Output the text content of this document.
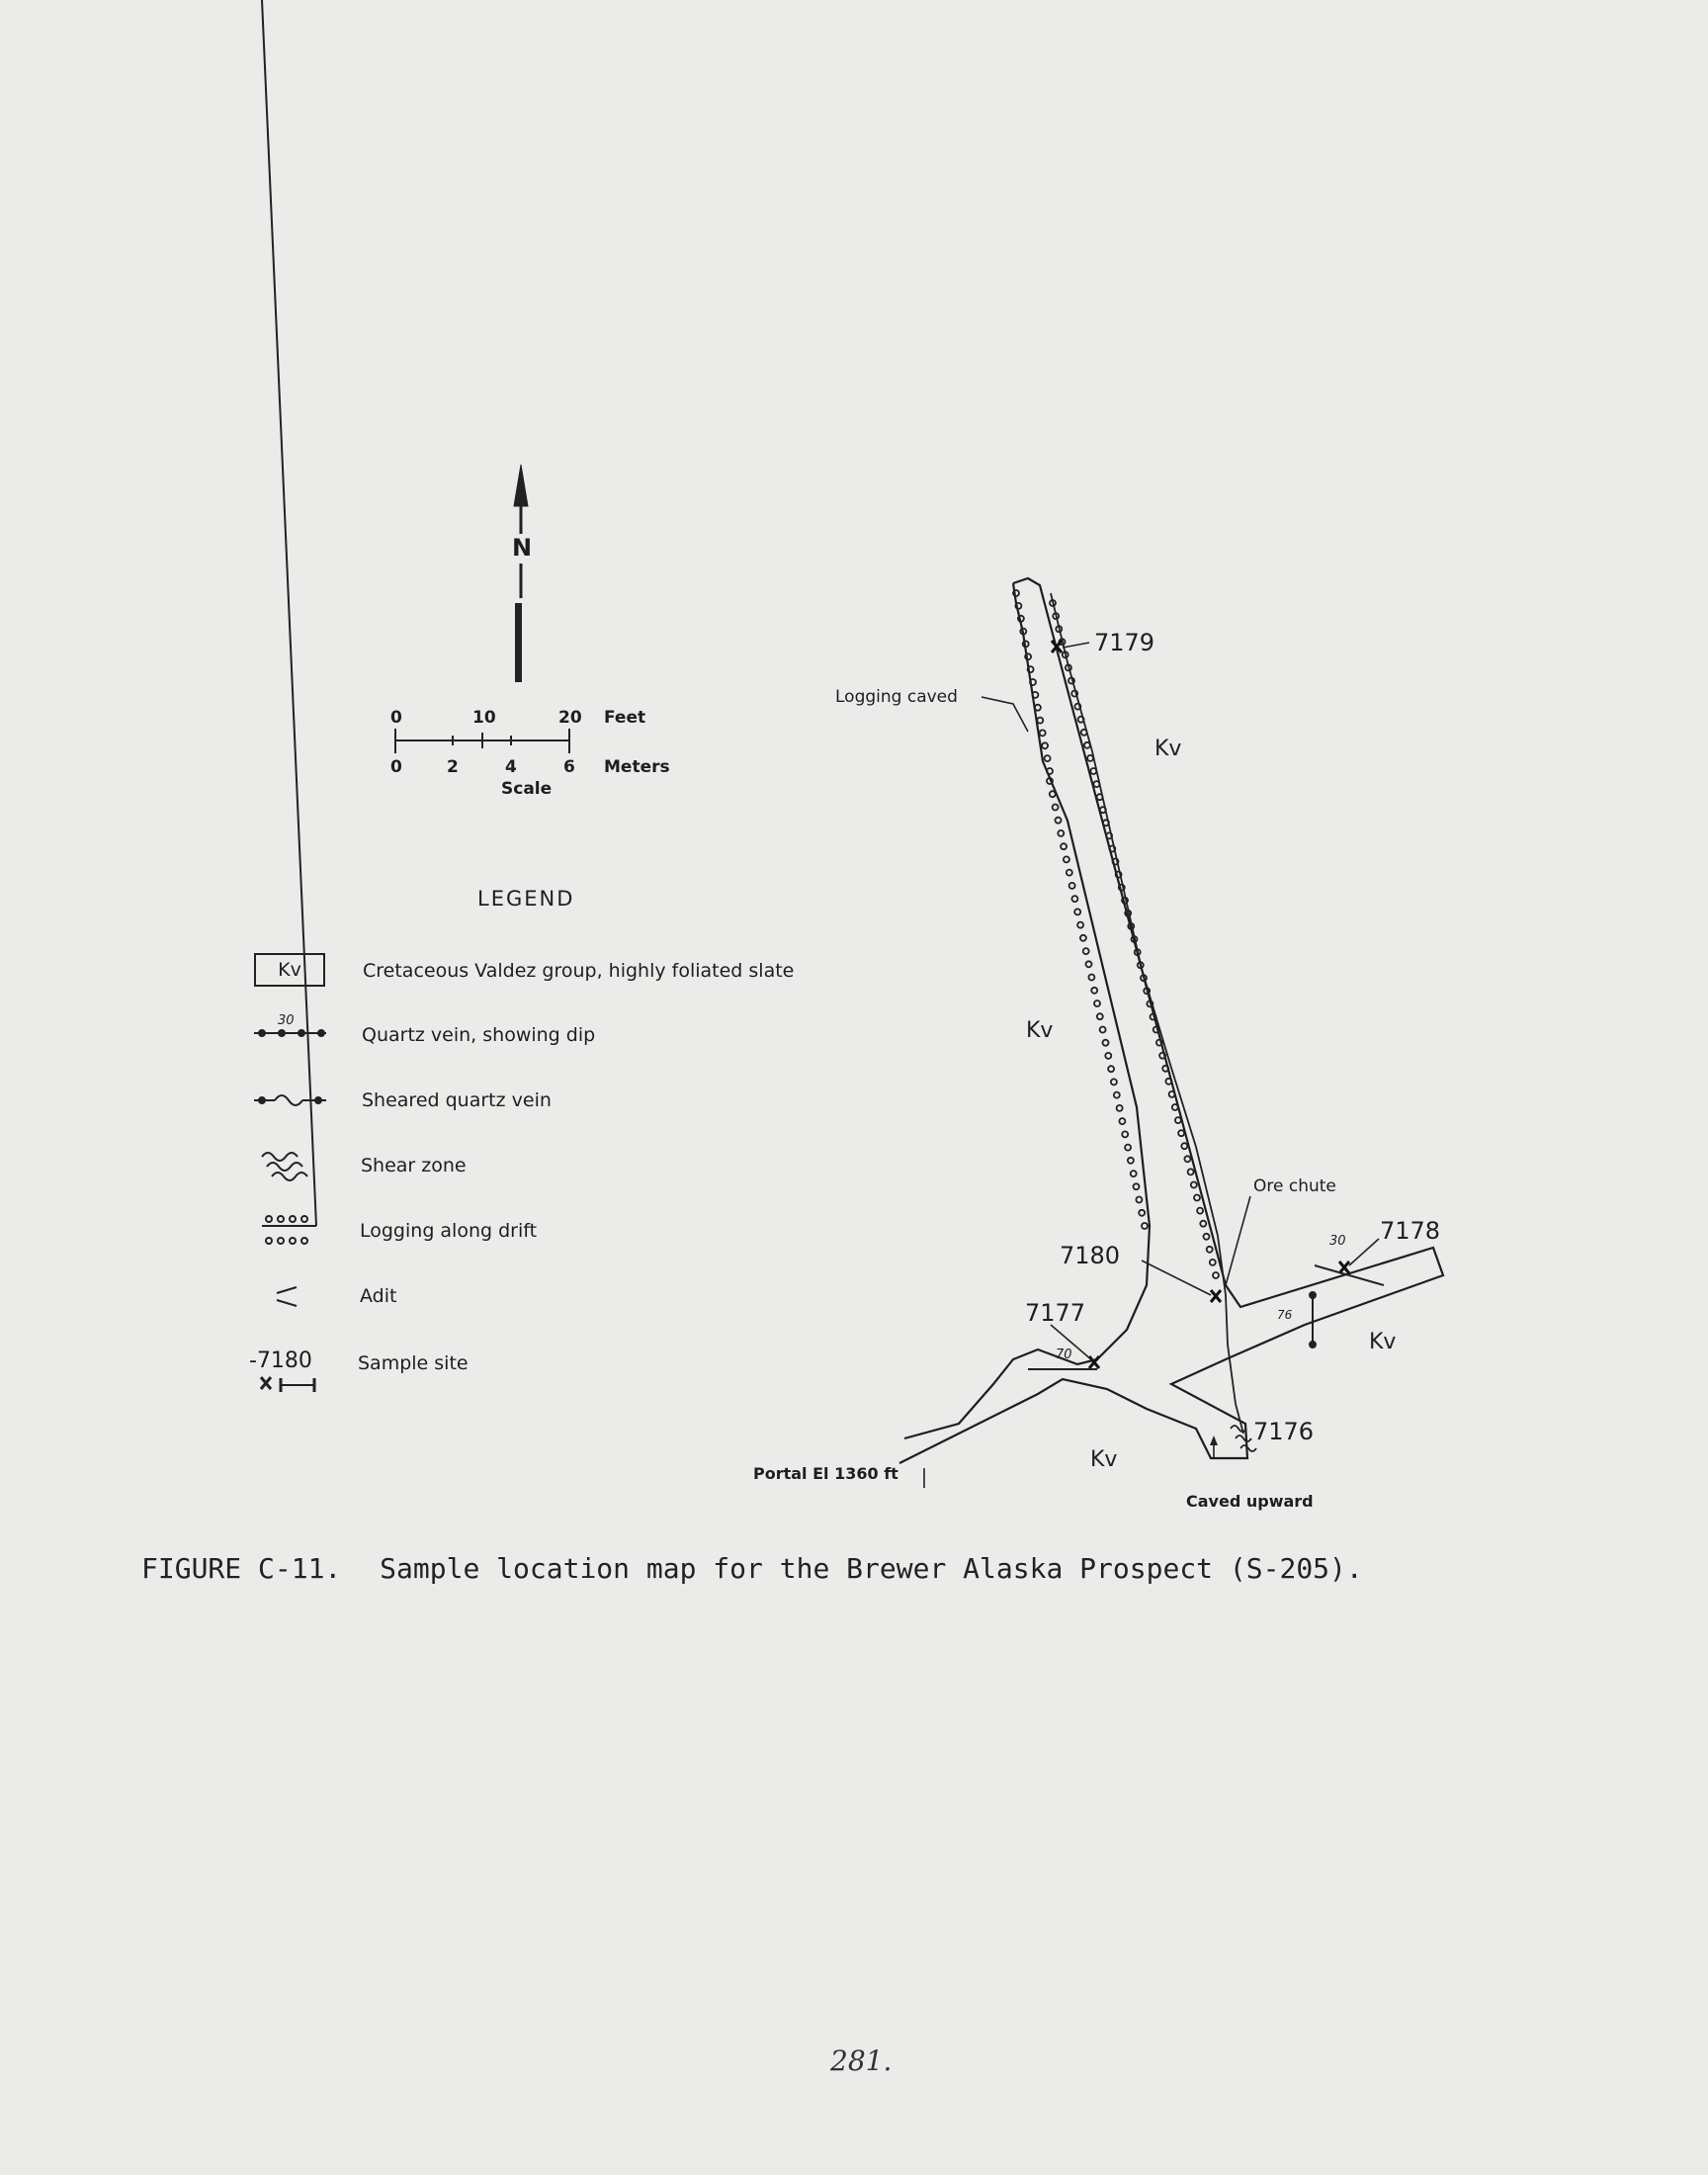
0	10	20 Feet
0	2	4	6 Meters
Scale
N
LEGEND
Kv	Cretaceous Valdez group, highly foliated slate
30
Quartz vein, showing dip
Sheared quartz vein
Shear zone
Logging along drift
Adit
-7180 Sample site
7179
7180
7177
7178
7176
Logging caved
Ore chute
Portal El 1360 ft
Caved upward
Kv
Kv
Kv
Kv
70
30
76
FIGURE C-11. Sample location map for the Brewer Alaska Prospect (S-205).
281.
